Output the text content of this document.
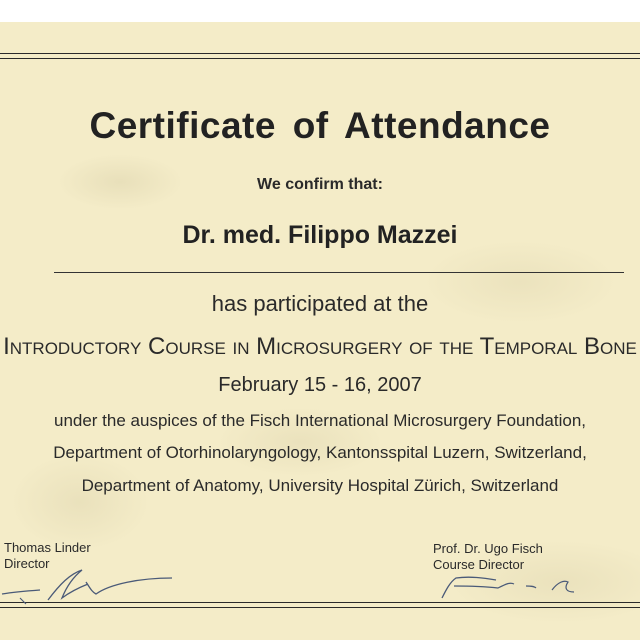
Certificate of Attendance
We confirm that:
Dr. med. Filippo Mazzei
has participated at the
Introductory Course in Microsurgery of the Temporal Bone
February 15 - 16, 2007
under the auspices of the Fisch International Microsurgery Foundation,
Department of Otorhinolaryngology, Kantonsspital Luzern, Switzerland,
Department of Anatomy, University Hospital Zürich, Switzerland
Thomas Linder
Director
Prof. Dr. Ugo Fisch
Course Director
